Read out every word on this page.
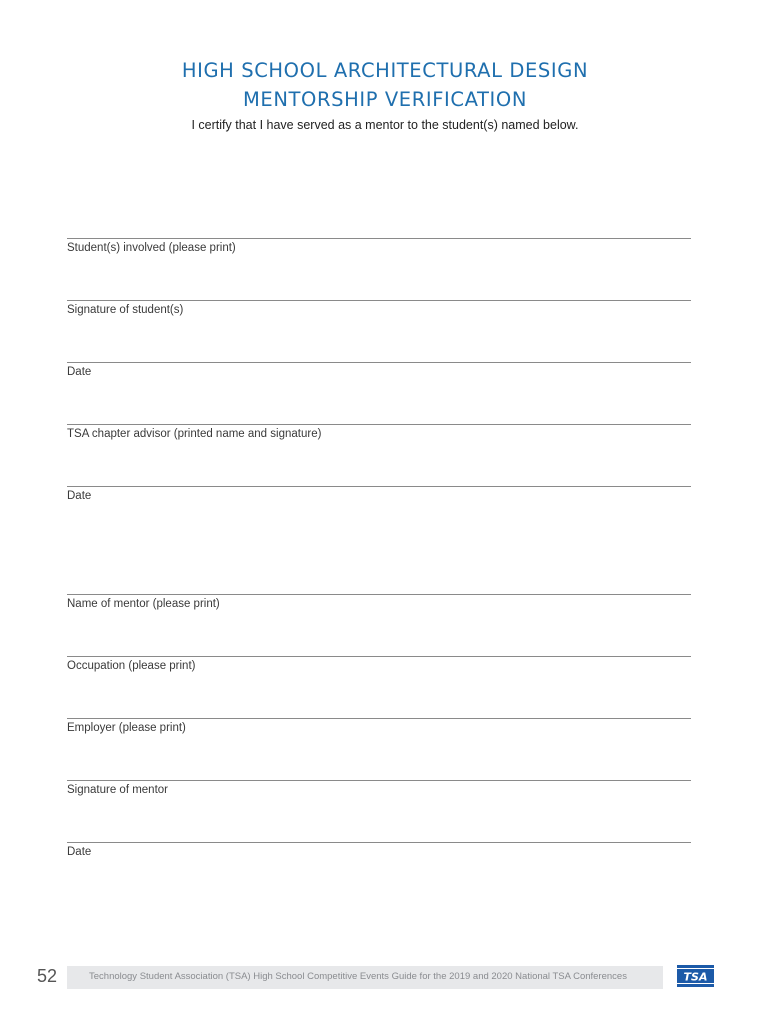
HIGH SCHOOL ARCHITECTURAL DESIGN
MENTORSHIP VERIFICATION

I certify that I have served as a mentor to the student(s) named below.

Student(s) involved (please print)
Signature of student(s)
Date
TSA chapter advisor (printed name and signature)
Date
Name of mentor (please print)
Occupation (please print)
Employer (please print)
Signature of mentor
Date
52	Technology Student Association (TSA) High School Competitive Events Guide for the 2019 and 2020 National TSA Conferences	TSA
